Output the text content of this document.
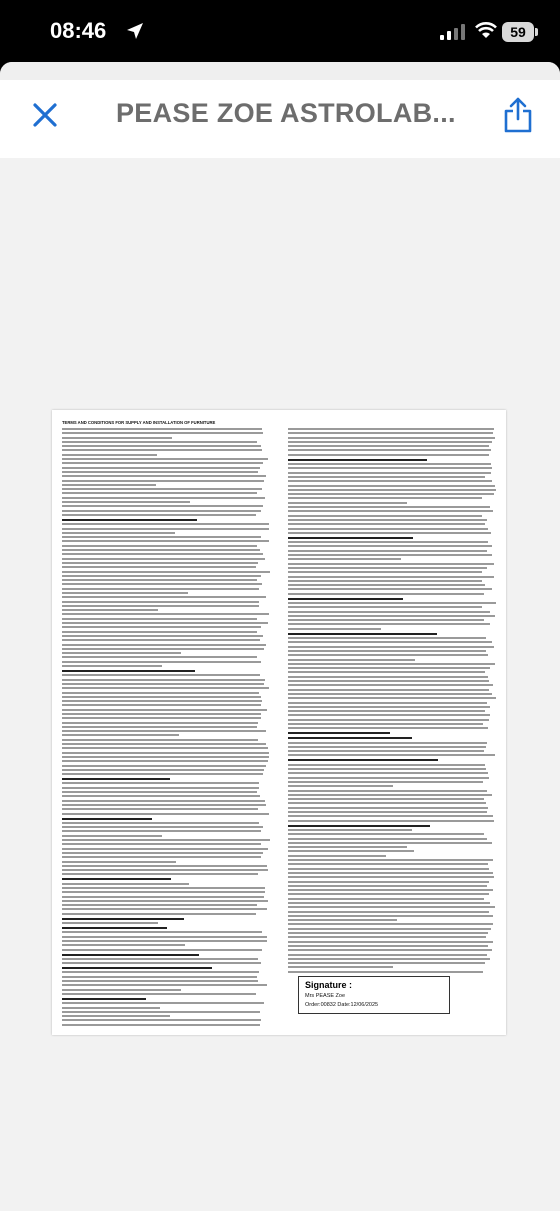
08:46	59
PEASE ZOE ASTROLAB...
TERMS AND CONDITIONS FOR SUPPLY AND INSTALLATION OF FURNITURE
Signature :
Mrs PEASE Zoe
Order:00832 Date:12/06/2025
